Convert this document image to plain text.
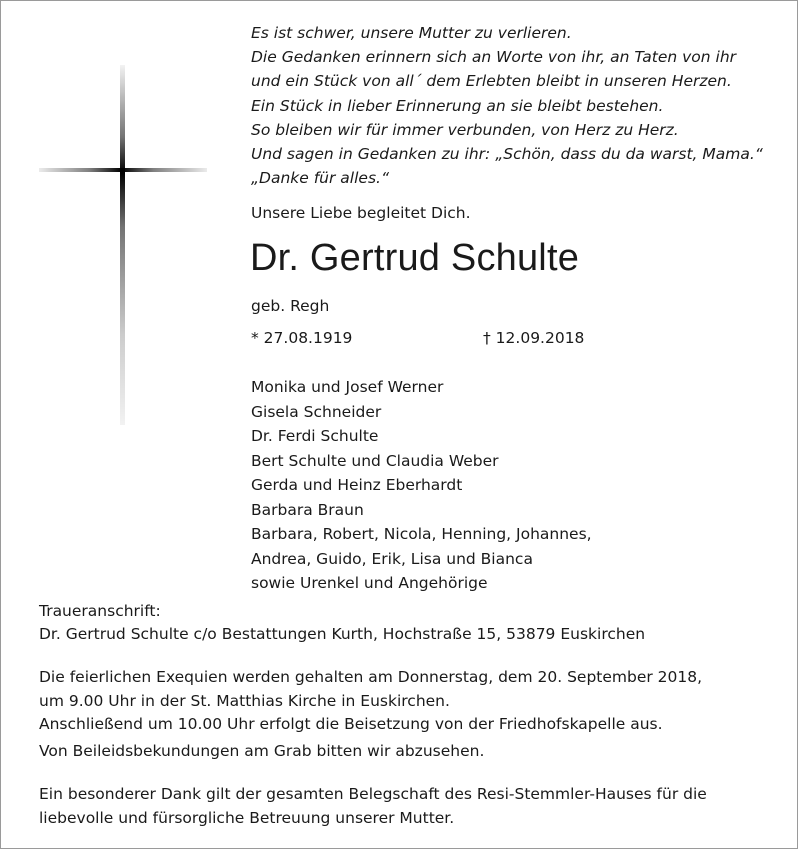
Es ist schwer, unsere Mutter zu verlieren.
Die Gedanken erinnern sich an Worte von ihr, an Taten von ihr
und ein Stück von all´ dem Erlebten bleibt in unseren Herzen.
Ein Stück in lieber Erinnerung an sie bleibt bestehen.
So bleiben wir für immer verbunden, von Herz zu Herz.
Und sagen in Gedanken zu ihr: „Schön, dass du da warst, Mama.“
„Danke für alles.“
Unsere Liebe begleitet Dich.
Dr. Gertrud Schulte
geb. Regh
* 27.08.1919	† 12.09.2018
Monika und Josef Werner
Gisela Schneider
Dr. Ferdi Schulte
Bert Schulte und Claudia Weber
Gerda und Heinz Eberhardt
Barbara Braun
Barbara, Robert, Nicola, Henning, Johannes,
Andrea, Guido, Erik, Lisa und Bianca
sowie Urenkel und Angehörige
Traueranschrift:
Dr. Gertrud Schulte c/o Bestattungen Kurth, Hochstraße 15, 53879 Euskirchen
Die feierlichen Exequien werden gehalten am Donnerstag, dem 20. September 2018,
um 9.00 Uhr in der St. Matthias Kirche in Euskirchen.
Anschließend um 10.00 Uhr erfolgt die Beisetzung von der Friedhofskapelle aus.
Von Beileidsbekundungen am Grab bitten wir abzusehen.
Ein besonderer Dank gilt der gesamten Belegschaft des Resi-Stemmler-Hauses für die
liebevolle und fürsorgliche Betreuung unserer Mutter.
